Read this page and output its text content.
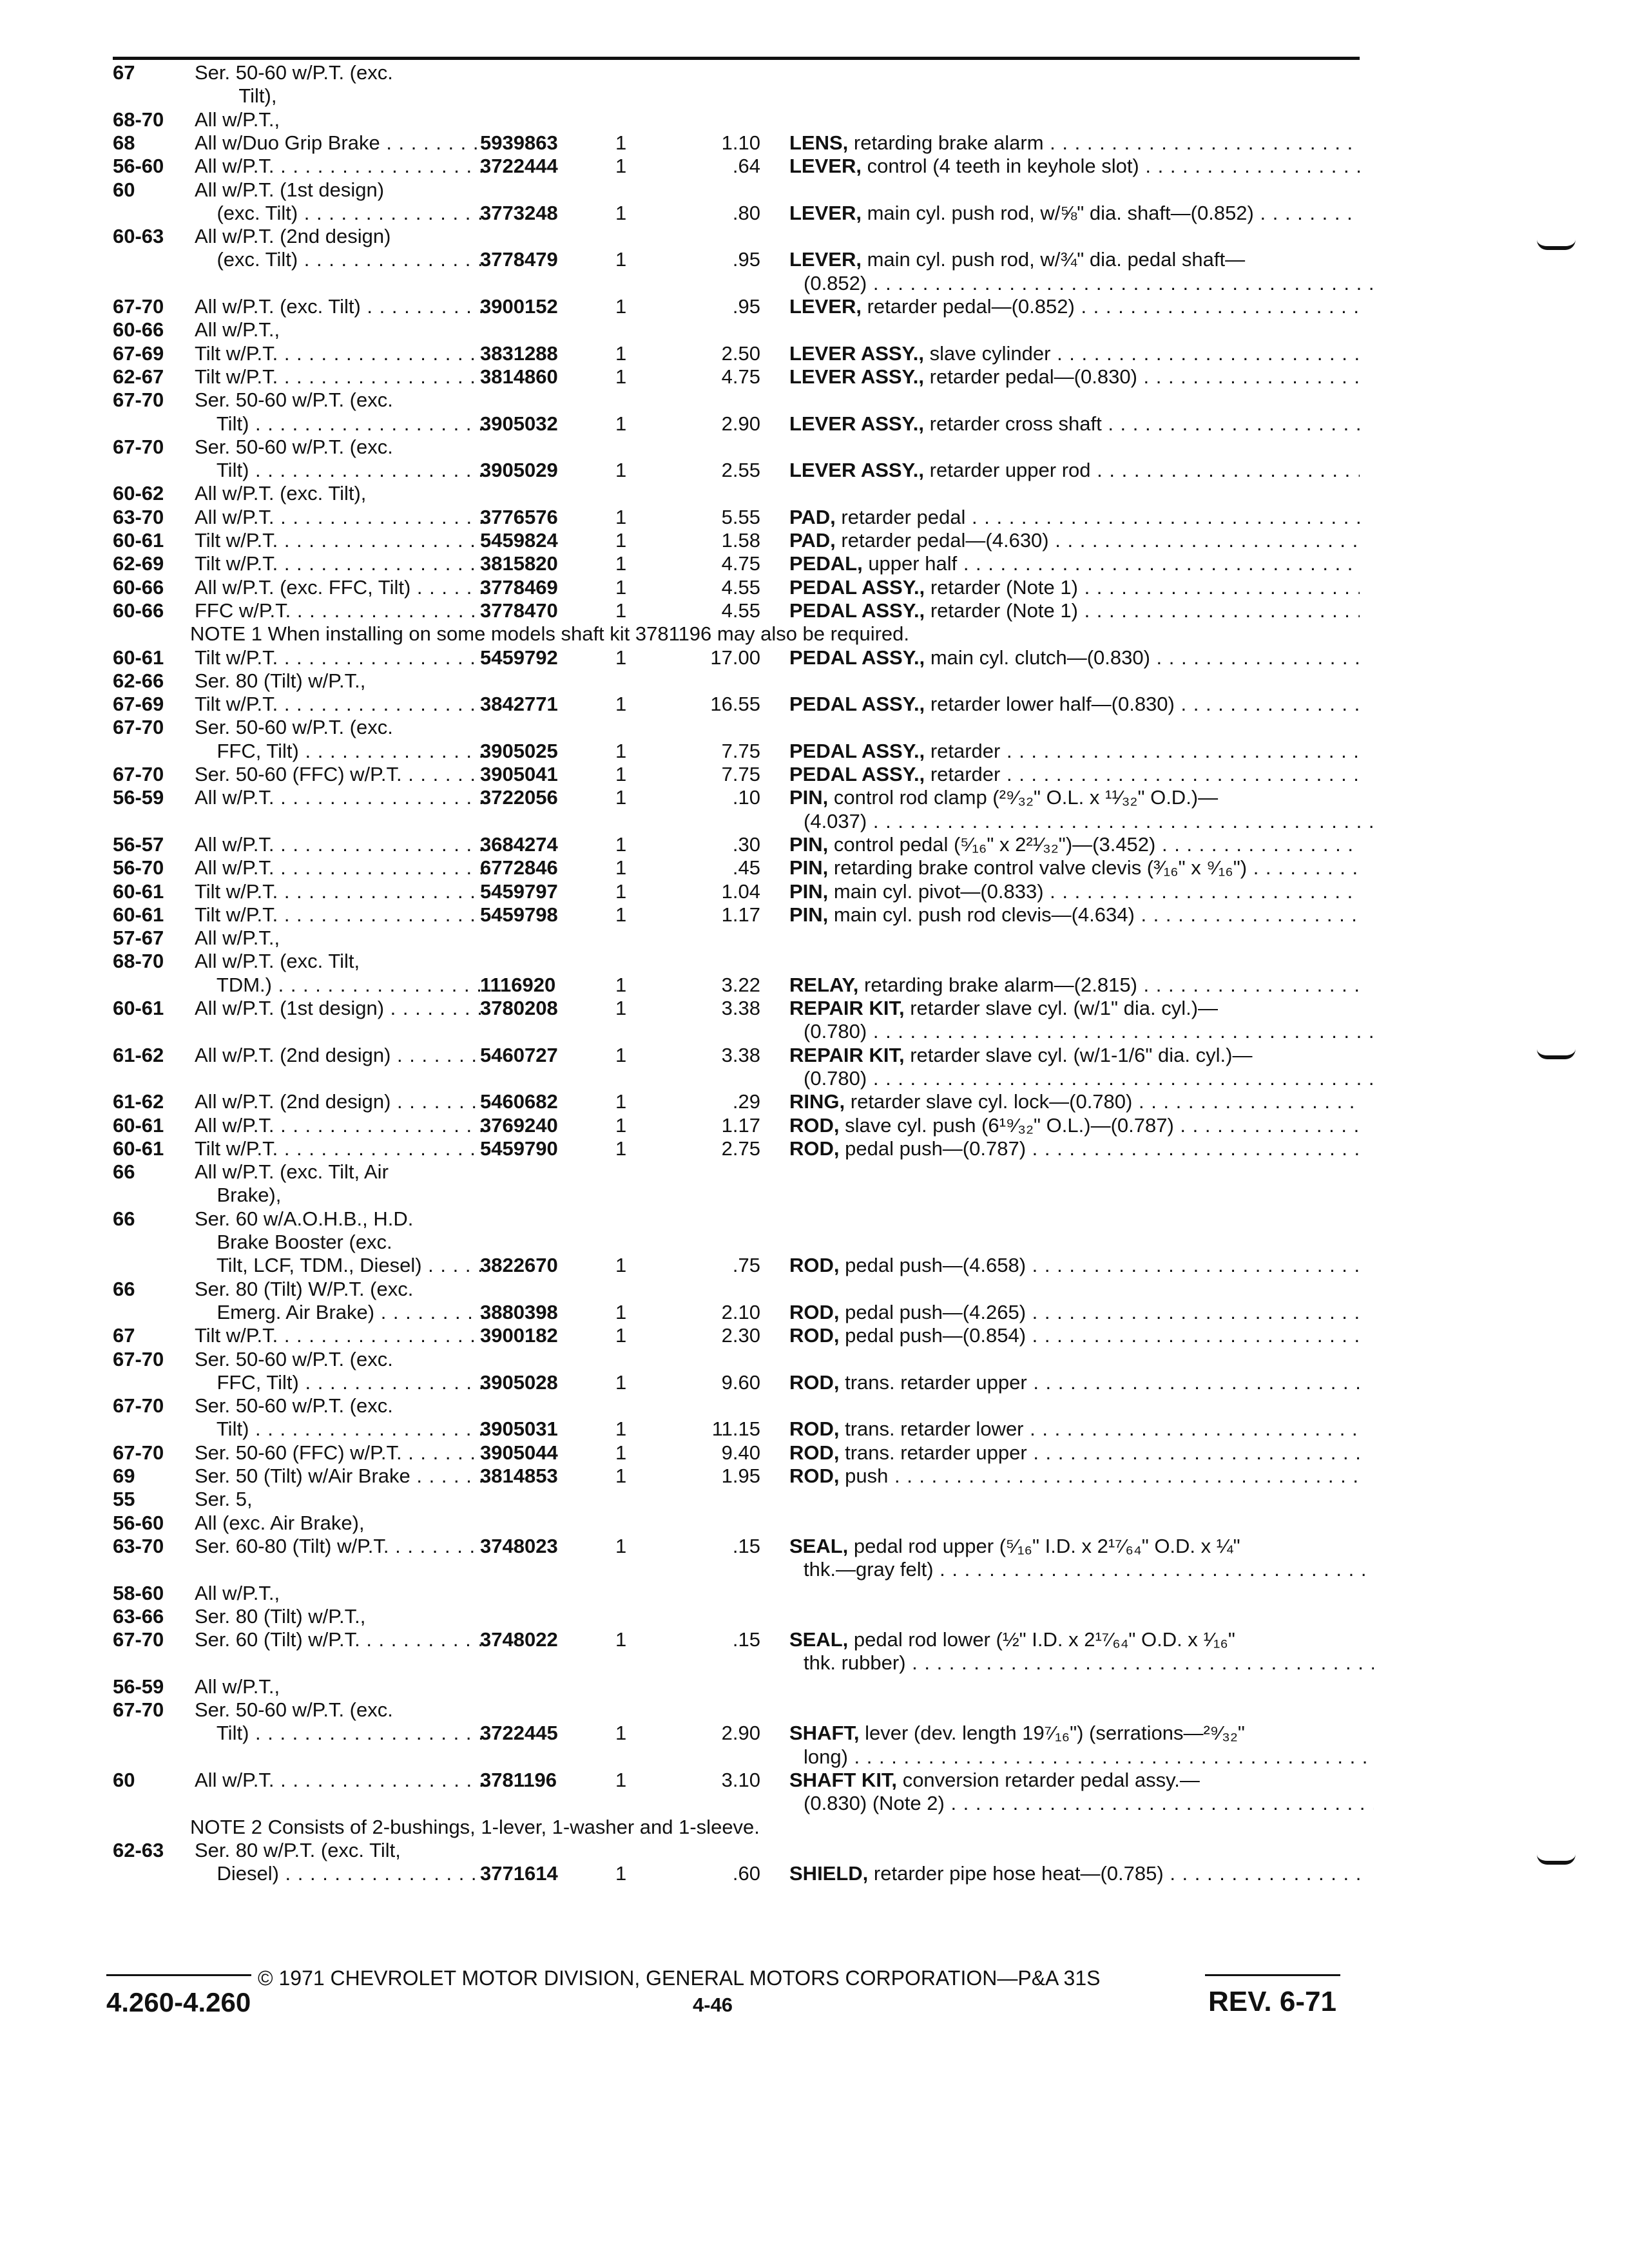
67	Ser. 50-60 w/P.T. (exc.
Tilt),
68-70 All w/P.T.,
68	All w/Duo Grip Brake . . .	5939863	1	1.10 LENS, retarding brake alarm . . .
56-60 All w/P.T. . . .	3722444	1	.64 LEVER, control (4 teeth in keyhole slot) . . .
60	All w/P.T. (1st design)
(exc. Tilt) . . .	3773248	1	.80 LEVER, main cyl. push rod, w/⅝" dia. shaft—(0.852) . . .
60-63 All w/P.T. (2nd design)
(exc. Tilt) . . .	3778479	1	.95 LEVER, main cyl. push rod, w/¾" dia. pedal shaft—
(0.852) . . .
67-70 All w/P.T. (exc. Tilt) . . .	3900152	1	.95 LEVER, retarder pedal—(0.852) . . .
60-66 All w/P.T.,
67-69 Tilt w/P.T. . . .	3831288	1	2.50 LEVER ASSY., slave cylinder . . .
62-67 Tilt w/P.T. . . .	3814860	1	4.75 LEVER ASSY., retarder pedal—(0.830) . . .
67-70 Ser. 50-60 w/P.T. (exc.
Tilt) . . .	3905032	1	2.90 LEVER ASSY., retarder cross shaft . . .
67-70 Ser. 50-60 w/P.T. (exc.
Tilt) . . .	3905029	1	2.55 LEVER ASSY., retarder upper rod . . .
60-62 All w/P.T. (exc. Tilt),
63-70 All w/P.T. . . .	3776576	1	5.55 PAD, retarder pedal . . .
60-61 Tilt w/P.T. . . .	5459824	1	1.58 PAD, retarder pedal—(4.630) . . .
62-69 Tilt w/P.T. . . .	3815820	1	4.75 PEDAL, upper half . . .
60-66 All w/P.T. (exc. FFC, Tilt) . . .	3778469	1	4.55 PEDAL ASSY., retarder (Note 1) . . .
60-66 FFC w/P.T. . . .	3778470	1	4.55 PEDAL ASSY., retarder (Note 1) . . .
NOTE 1 When installing on some models shaft kit 3781196 may also be required.
60-61 Tilt w/P.T. . . .	5459792	1	17.00 PEDAL ASSY., main cyl. clutch—(0.830) . . .
62-66 Ser. 80 (Tilt) w/P.T.,
67-69 Tilt w/P.T. . . .	3842771	1	16.55 PEDAL ASSY., retarder lower half—(0.830) . . .
67-70 Ser. 50-60 w/P.T. (exc.
FFC, Tilt) . . .	3905025	1	7.75 PEDAL ASSY., retarder . . .
67-70 Ser. 50-60 (FFC) w/P.T. . . .	3905041	1	7.75 PEDAL ASSY., retarder . . .
56-59 All w/P.T. . . .	3722056	1	.10 PIN, control rod clamp (²⁹⁄₃₂" O.L. x ¹¹⁄₃₂" O.D.)—
(4.037) . . .
56-57 All w/P.T. . . .	3684274	1	.30 PIN, control pedal (⁵⁄₁₆" x 2²¹⁄₃₂")—(3.452) . . .
56-70 All w/P.T. . . .	6772846	1	.45 PIN, retarding brake control valve clevis (³⁄₁₆" x ⁹⁄₁₆") . . .
60-61 Tilt w/P.T. . . .	5459797	1	1.04 PIN, main cyl. pivot—(0.833) . . .
60-61 Tilt w/P.T. . . .	5459798	1	1.17 PIN, main cyl. push rod clevis—(4.634) . . .
57-67 All w/P.T.,
68-70 All w/P.T. (exc. Tilt,
TDM.) . . .	1116920	1	3.22 RELAY, retarding brake alarm—(2.815) . . .
60-61 All w/P.T. (1st design) . . .	3780208	1	3.38 REPAIR KIT, retarder slave cyl. (w/1" dia. cyl.)—
(0.780) . . .
61-62 All w/P.T. (2nd design) . . .	5460727	1	3.38 REPAIR KIT, retarder slave cyl. (w/1-1/6" dia. cyl.)—
(0.780) . . .
61-62 All w/P.T. (2nd design) . . .	5460682	1	.29 RING, retarder slave cyl. lock—(0.780) . . .
60-61 All w/P.T. . . .	3769240	1	1.17 ROD, slave cyl. push (6¹⁹⁄₃₂" O.L.)—(0.787) . . .
60-61 Tilt w/P.T. . . .	5459790	1	2.75 ROD, pedal push—(0.787) . . .
66	All w/P.T. (exc. Tilt, Air
Brake),
66	Ser. 60 w/A.O.H.B., H.D.
Brake Booster (exc.
Tilt, LCF, TDM., Diesel) . . .	3822670	1	.75 ROD, pedal push—(4.658) . . .
66	Ser. 80 (Tilt) W/P.T. (exc.
Emerg. Air Brake) . . .	3880398	1	2.10 ROD, pedal push—(4.265) . . .
67	Tilt w/P.T. . . .	3900182	1	2.30 ROD, pedal push—(0.854) . . .
67-70 Ser. 50-60 w/P.T. (exc.
FFC, Tilt) . . .	3905028	1	9.60 ROD, trans. retarder upper . . .
67-70 Ser. 50-60 w/P.T. (exc.
Tilt) . . .	3905031	1	11.15 ROD, trans. retarder lower . . .
67-70 Ser. 50-60 (FFC) w/P.T. . . .	3905044	1	9.40 ROD, trans. retarder upper . . .
69	Ser. 50 (Tilt) w/Air Brake . . .	3814853	1	1.95 ROD, push . . .
55	Ser. 5,
56-60 All (exc. Air Brake),
63-70 Ser. 60-80 (Tilt) w/P.T. . . .	3748023	1	.15 SEAL, pedal rod upper (⁵⁄₁₆" I.D. x 2¹⁷⁄₆₄" O.D. x ¼"
thk.—gray felt) . . .
58-60 All w/P.T.,
63-66 Ser. 80 (Tilt) w/P.T.,
67-70 Ser. 60 (Tilt) w/P.T. . . .	3748022	1	.15 SEAL, pedal rod lower (½" I.D. x 2¹⁷⁄₆₄" O.D. x ¹⁄₁₆"
thk. rubber) . . .
56-59 All w/P.T.,
67-70 Ser. 50-60 w/P.T. (exc.
Tilt) . . .	3722445	1	2.90 SHAFT, lever (dev. length 19⁷⁄₁₆") (serrations—²⁹⁄₃₂"
long) . . .
60	All w/P.T. . . .	3781196	1	3.10 SHAFT KIT, conversion retarder pedal assy.—
(0.830) (Note 2) . . .
NOTE 2 Consists of 2-bushings, 1-lever, 1-washer and 1-sleeve.
62-63 Ser. 80 w/P.T. (exc. Tilt,
Diesel) . . .	3771614	1	.60 SHIELD, retarder pipe hose heat—(0.785) . . .
© 1971 CHEVROLET MOTOR DIVISION, GENERAL MOTORS CORPORATION—P&A 31S
4.260-4.260	4-46	REV. 6-71
